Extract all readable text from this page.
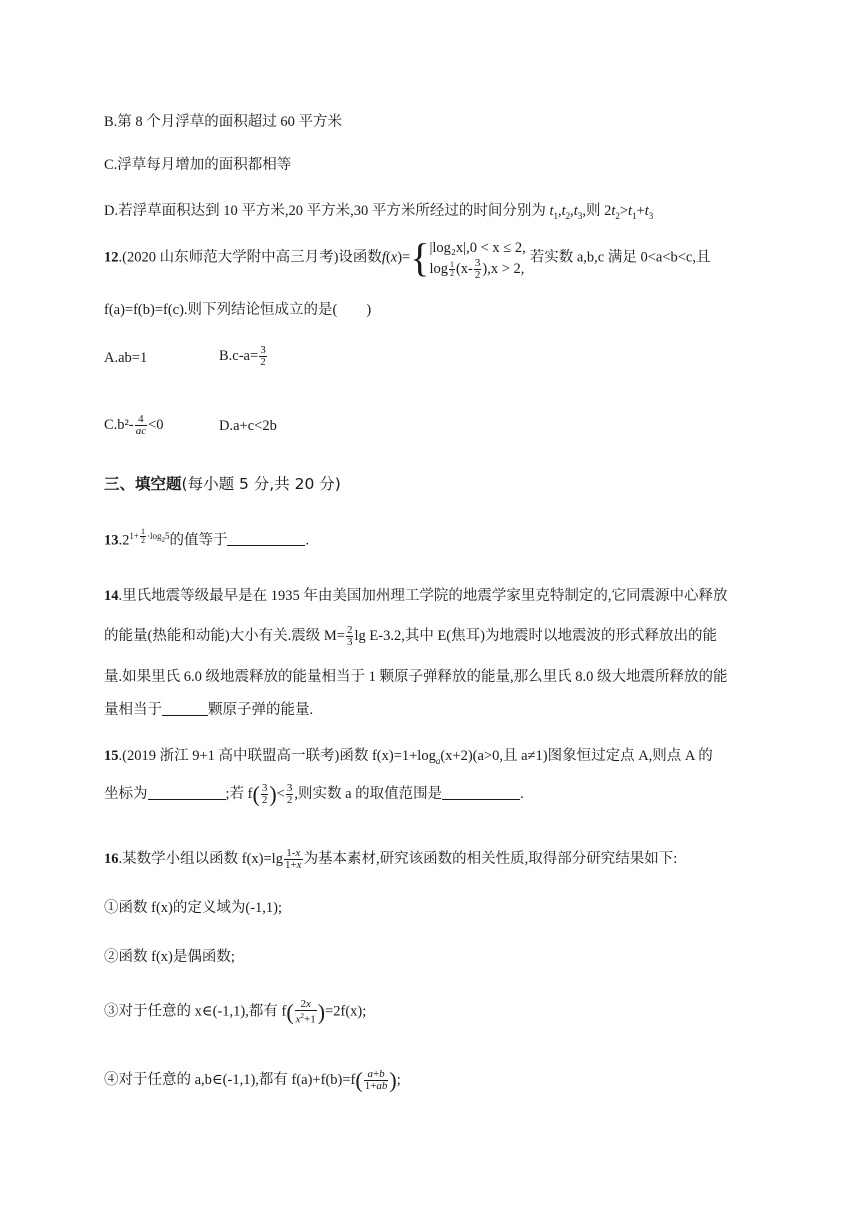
B.第 8 个月浮草的面积超过 60 平方米
C.浮草每月增加的面积都相等
D.若浮草面积达到 10 平方米,20 平方米,30 平方米所经过的时间分别为 $t_1,t_2,t_3$,则 $2t_2>t_1+t_3$
12.(2020 山东师范大学附中高三月考)设函数f(x)={ |log₂x|,0 < x ≤ 2,
$\log \frac{1}{2} (x- \frac{3}{2} ),x > 2$,
若实数 a,b,c 满足 0<a<b<c,且
f(a)=f(b)=f(c).则下列结论恒成立的是(　　)
A.ab=1	$B.c-a= \frac{3}{2}$
$C.b^2- \frac{4}{ac} <0$	D.a+c<2b
三、填空题(每小题 5 分,共 20 分)
$13.2^{1+ \frac{1}{2} \cdot log_25}$的值等于	.
14.里氏地震等级最早是在 1935 年由美国加州理工学院的地震学家里克特制定的,它同震源中心释放
的能量(热能和动能)大小有关.震级 $M= \frac{2}{3}$ lg E-3.2,其中 E(焦耳)为地震时以地震波的形式释放出的能
量.如果里氏 6.0 级地震释放的能量相当于 1 颗原子弹释放的能量,那么里氏 8.0 级大地震所释放的能
量相当于	颗原子弹的能量.
15.(2019 浙江 9+1 高中联盟高一联考)函数 $f(x)=1+\log_a(x+2)(a>0$,且 a≠1)图象恒过定点 A,则点 A 的
坐标为	;若 $f( \frac{3}{2}$ )< $\frac{3}{2}$ ,则实数 a 的取值范围是	.
16.某数学小组以函数 $f(x)=\lg \frac{1-x}{1+x}$ 为基本素材,研究该函数的相关性质,取得部分研究结果如下:
①函数 f(x)的定义域为(-1,1);
②函数 f(x)是偶函数;
③对于任意的 x∈(-1,1),都有 $f( \frac{2x}{x^2+1} )=2f(x)$;
④对于任意的 a,b∈(-1,1),都有 $f(a)+f(b)=f( \frac{a+b}{1+ab}$ );
